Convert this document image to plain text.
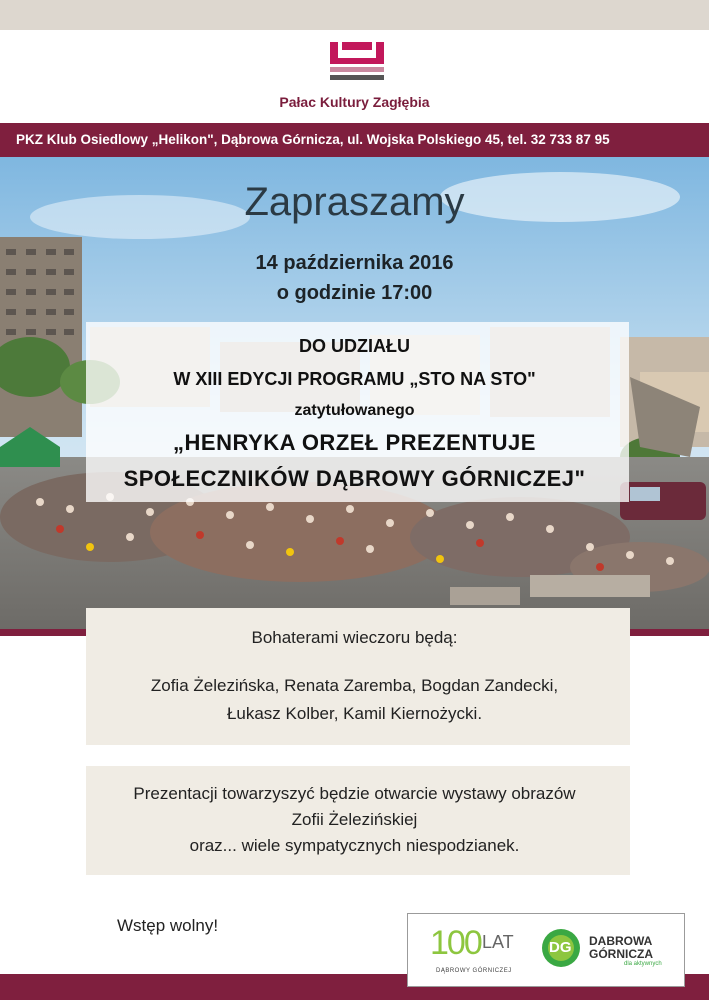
Pałac Kultury Zagłębia
PKZ Klub Osiedlowy „Helikon", Dąbrowa Górnicza, ul. Wojska Polskiego 45, tel. 32 733 87 95
Zapraszamy
14 października 2016
o godzinie 17:00
DO UDZIAŁU
W XIII EDYCJI PROGRAMU „STO NA STO"
zatytułowanego
„HENRYKA ORZEŁ PREZENTUJE
SPOŁECZNIKÓW DĄBROWY GÓRNICZEJ"
Bohaterami wieczoru będą:
Zofia Żelezińska, Renata Zaremba, Bogdan Zandecki,
Łukasz Kolber, Kamil Kiernożycki.
Prezentacji towarzyszyć będzie otwarcie wystawy obrazów
Zofii Żelezińskiej
oraz... wiele sympatycznych niespodzianek.
Wstęp wolny!	100 LAT
DĄBROWY GÓRNICZEJ
DG DABROWA
GÓRNICZA
dla aktywnych
